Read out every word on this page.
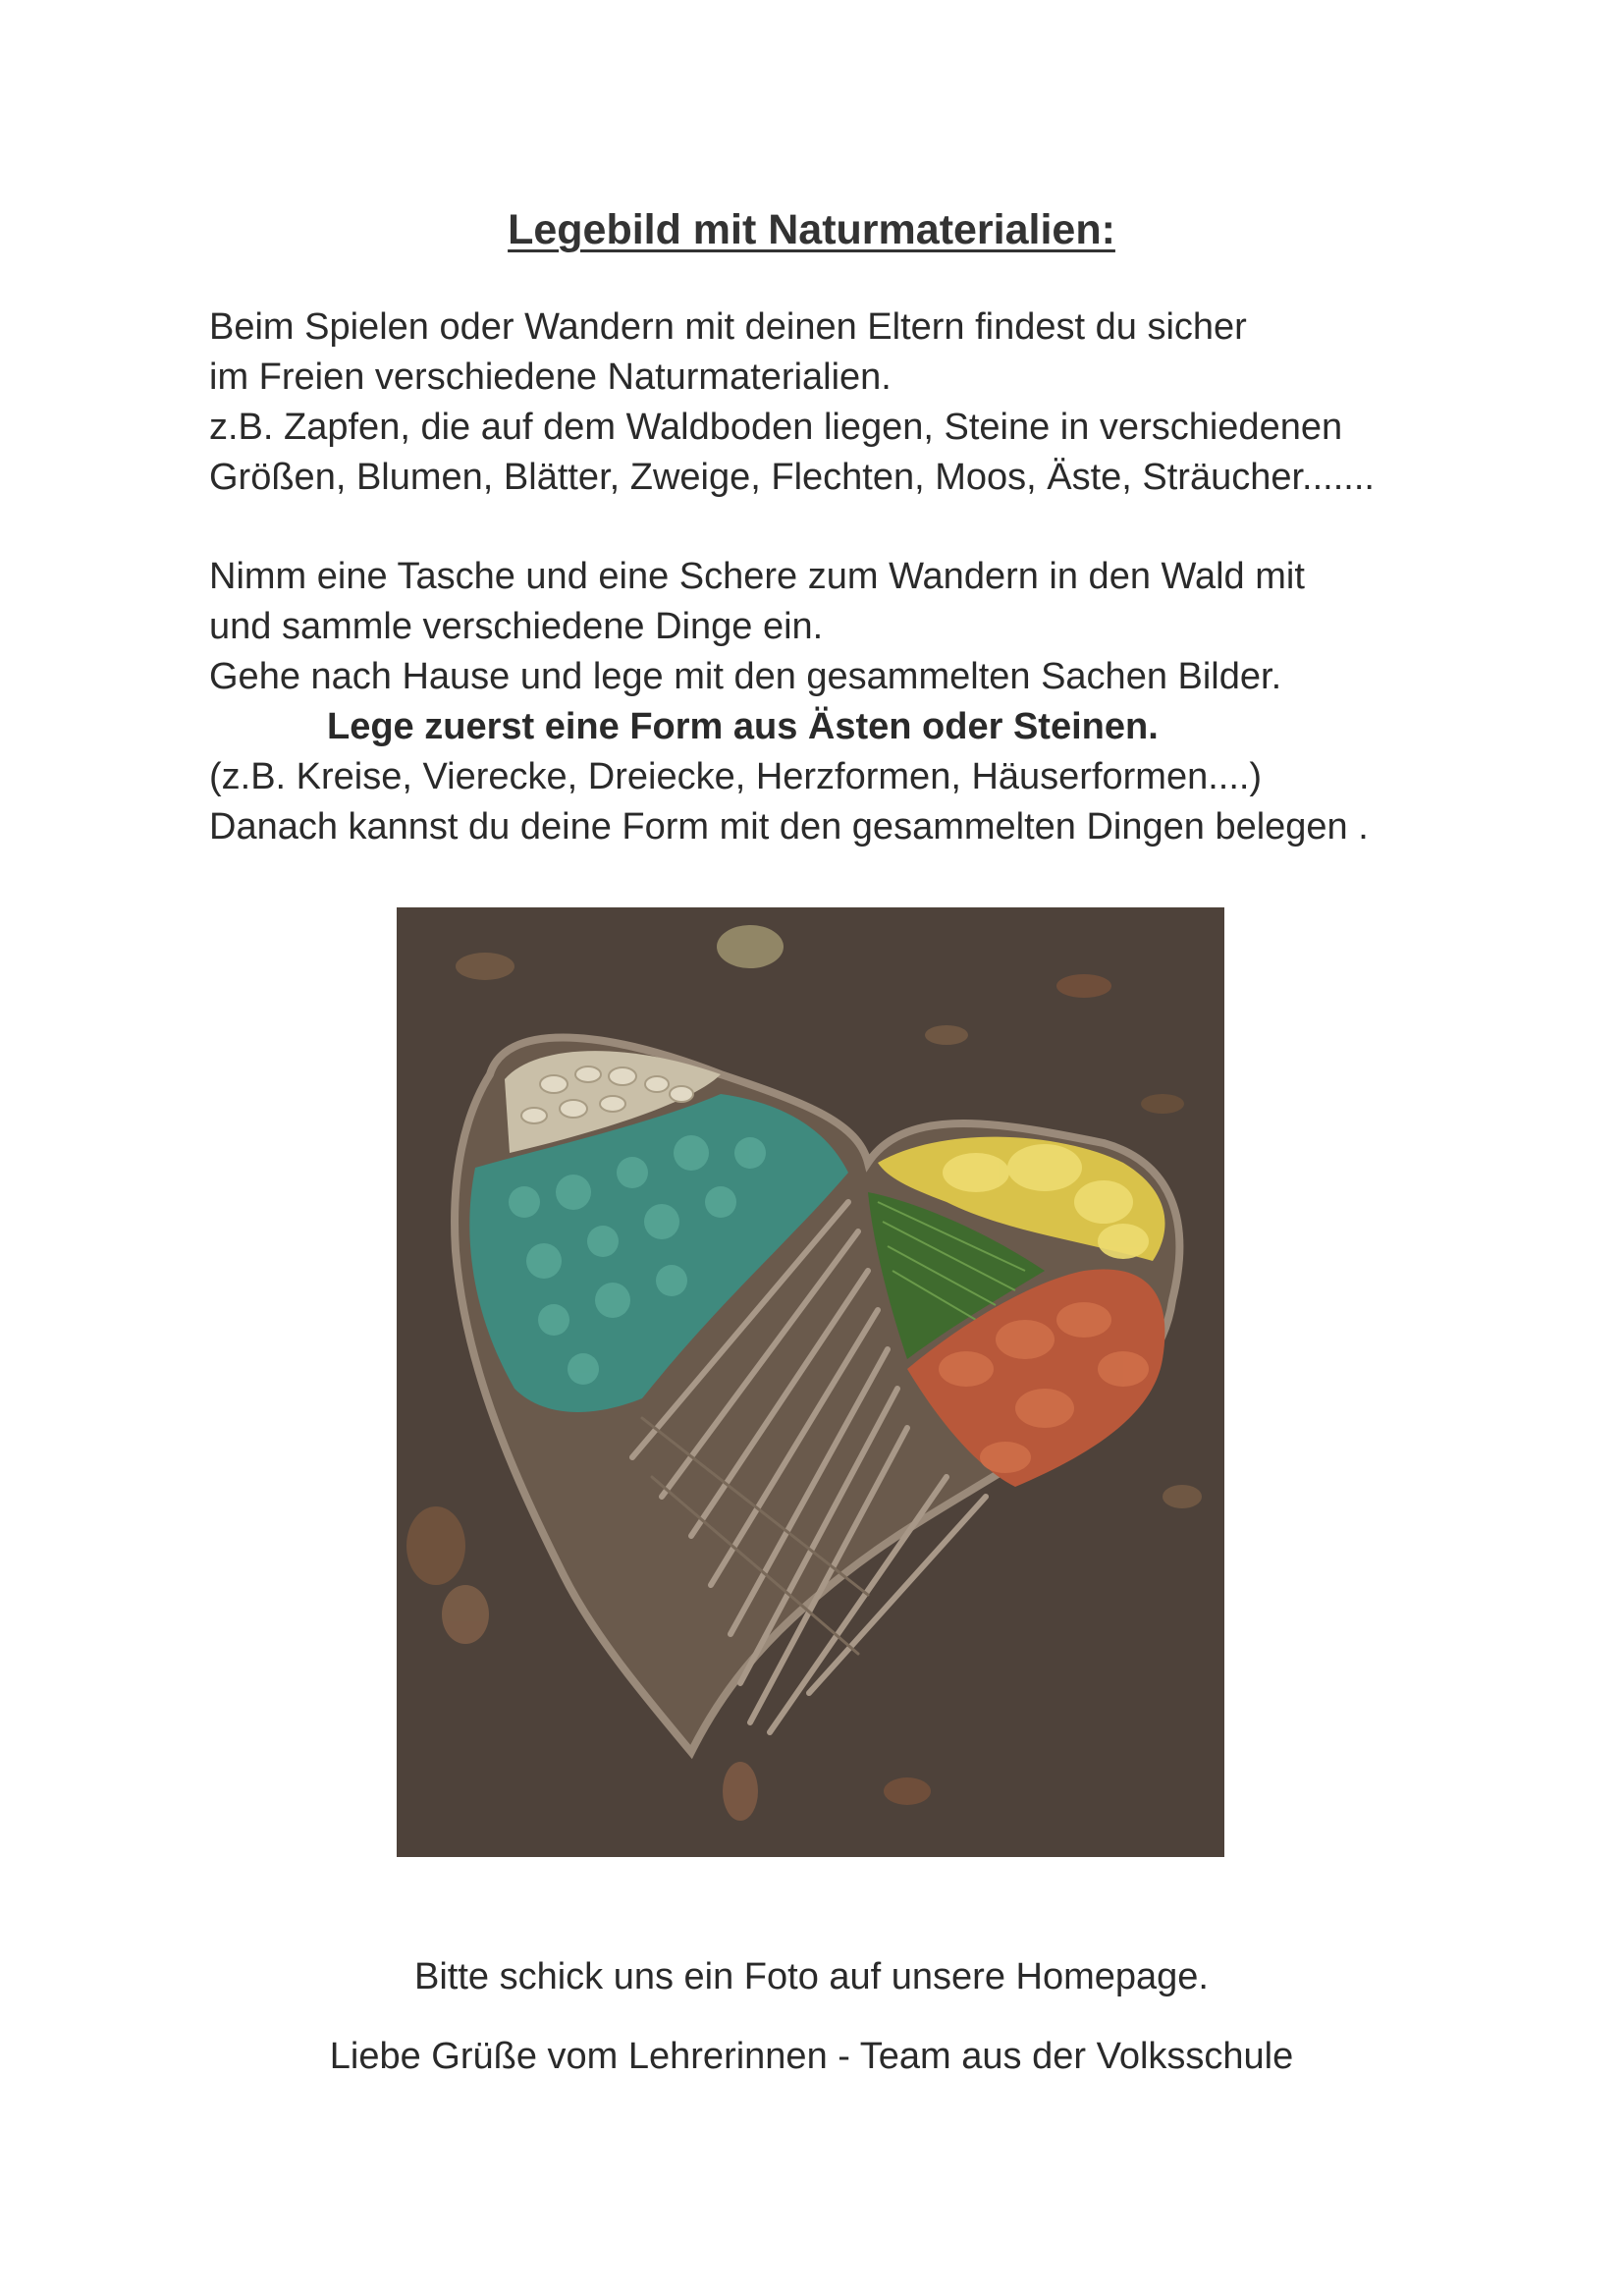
Legebild mit Naturmaterialien:
Beim Spielen oder Wandern mit deinen Eltern findest du sicher
im Freien verschiedene Naturmaterialien.
z.B. Zapfen, die auf dem Waldboden liegen, Steine in verschiedenen
Größen, Blumen, Blätter, Zweige, Flechten, Moos, Äste, Sträucher.......
Nimm eine Tasche und eine Schere zum Wandern in den Wald mit
und sammle verschiedene Dinge ein.
Gehe nach Hause und lege mit den gesammelten Sachen Bilder.
Lege zuerst eine Form aus Ästen oder Steinen.
(z.B. Kreise, Vierecke, Dreiecke, Herzformen, Häuserformen....)
Danach kannst du deine Form mit den gesammelten Dingen belegen .
Bitte schick uns ein Foto auf unsere Homepage.
Liebe Grüße vom Lehrerinnen - Team aus der Volksschule
